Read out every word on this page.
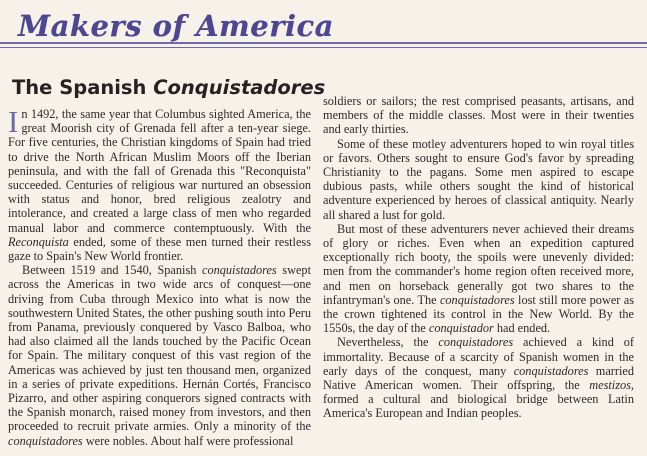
Makers of America
The Spanish Conquistadores

In 1492, the same year that Columbus sighted America, the great Moorish city of Grenada fell after a ten-year siege. For five centuries, the Christian kingdoms of Spain had tried to drive the North African Muslim Moors off the Iberian peninsula, and with the fall of Grenada this "Reconquista" succeeded. Centuries of religious war nurtured an obsession with status and honor, bred religious zealotry and intolerance, and created a large class of men who regarded manual labor and commerce contemptuously. With the Reconquista ended, some of these men turned their restless gaze to Spain's New World frontier.

Between 1519 and 1540, Spanish conquistadores swept across the Americas in two wide arcs of conquest—one driving from Cuba through Mexico into what is now the southwestern United States, the other pushing south into Peru from Panama, previously conquered by Vasco Balboa, who had also claimed all the lands touched by the Pacific Ocean for Spain. The military conquest of this vast region of the Americas was achieved by just ten thousand men, organized in a series of private expeditions. Hernán Cortés, Francisco Pizarro, and other aspiring conquerors signed contracts with the Spanish monarch, raised money from investors, and then proceeded to recruit private armies. Only a minority of the conquistadores were nobles. About half were professional

soldiers or sailors; the rest comprised peasants, artisans, and members of the middle classes. Most were in their twenties and early thirties.

Some of these motley adventurers hoped to win royal titles or favors. Others sought to ensure God's favor by spreading Christianity to the pagans. Some men aspired to escape dubious pasts, while others sought the kind of historical adventure experienced by heroes of classical antiquity. Nearly all shared a lust for gold.

But most of these adventurers never achieved their dreams of glory or riches. Even when an expedition captured exceptionally rich booty, the spoils were unevenly divided: men from the commander's home region often received more, and men on horseback generally got two shares to the infantryman's one. The conquistadores lost still more power as the crown tightened its control in the New World. By the 1550s, the day of the conquistador had ended.

Nevertheless, the conquistadores achieved a kind of immortality. Because of a scarcity of Spanish women in the early days of the conquest, many conquistadores married Native American women. Their offspring, the mestizos, formed a cultural and biological bridge between Latin America's European and Indian peoples.
